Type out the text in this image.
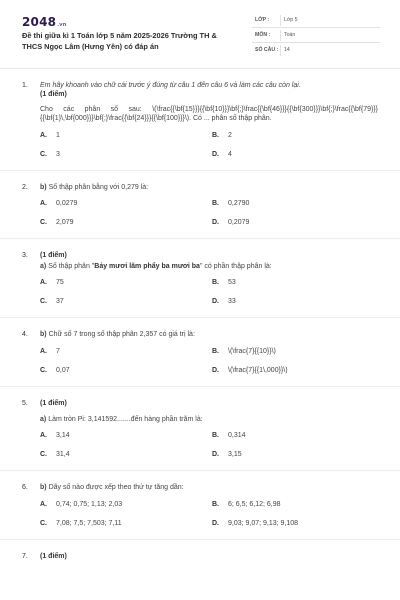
2048.vn
Đề thi giữa kì 1 Toán lớp 5 năm 2025-2026 Trường TH & THCS Ngọc Lâm (Hưng Yên) có đáp án
LỚP :	Lớp 5
MÔN :	Toán
SỐ CÂU : 14
1. Em hãy khoanh vào chữ cái trước ý đúng từ câu 1 đến câu 6 và làm các câu còn lại.
(1 điểm)
Cho các phân số sau: \(\frac{{\bf{15}}}{{\bf{10}}}\bf{;}\frac{{\bf{46}}}{{\bf{300}}}\bf{;}\frac{{\bf{79}}}{{\bf{1}\,\bf{000}}}\bf{;}\frac{{\bf{24}}}{{\bf{100}}}\). Có ... phân số thập phân.
A. 1	B. 2
C. 3	D. 4
2. b) Số thập phân bằng với 0,279 là:
A. 0,0279	B. 0,2790
C. 2,079	D. 0,2079
3. (1 điểm)
a) Số thập phân "Bảy mươi lăm phẩy ba mươi ba" có phần thập phân là:
A. 75	B. 53
C. 37	D. 33
4. b) Chữ số 7 trong số thập phân 2,357 có giá trị là:
A. 7	B. \(\frac{7}{{10}}\)
C. 0,07	D. \(\frac{7}{{1\,000}}\)
5. (1 điểm)
a) Làm tròn Pi: 3,141592.......đến hàng phần trăm là:
A. 3,14	B. 0,314
C. 31,4	D. 3,15
6. b) Dãy số nào được xếp theo thứ tự tăng dần:
A. 0,74; 0,75; 1,13; 2,03	B. 6; 6,5; 6,12; 6,98
C. 7,08; 7,5; 7,503; 7,11	D. 9,03; 9,07; 9,13; 9,108
7. (1 điểm)
